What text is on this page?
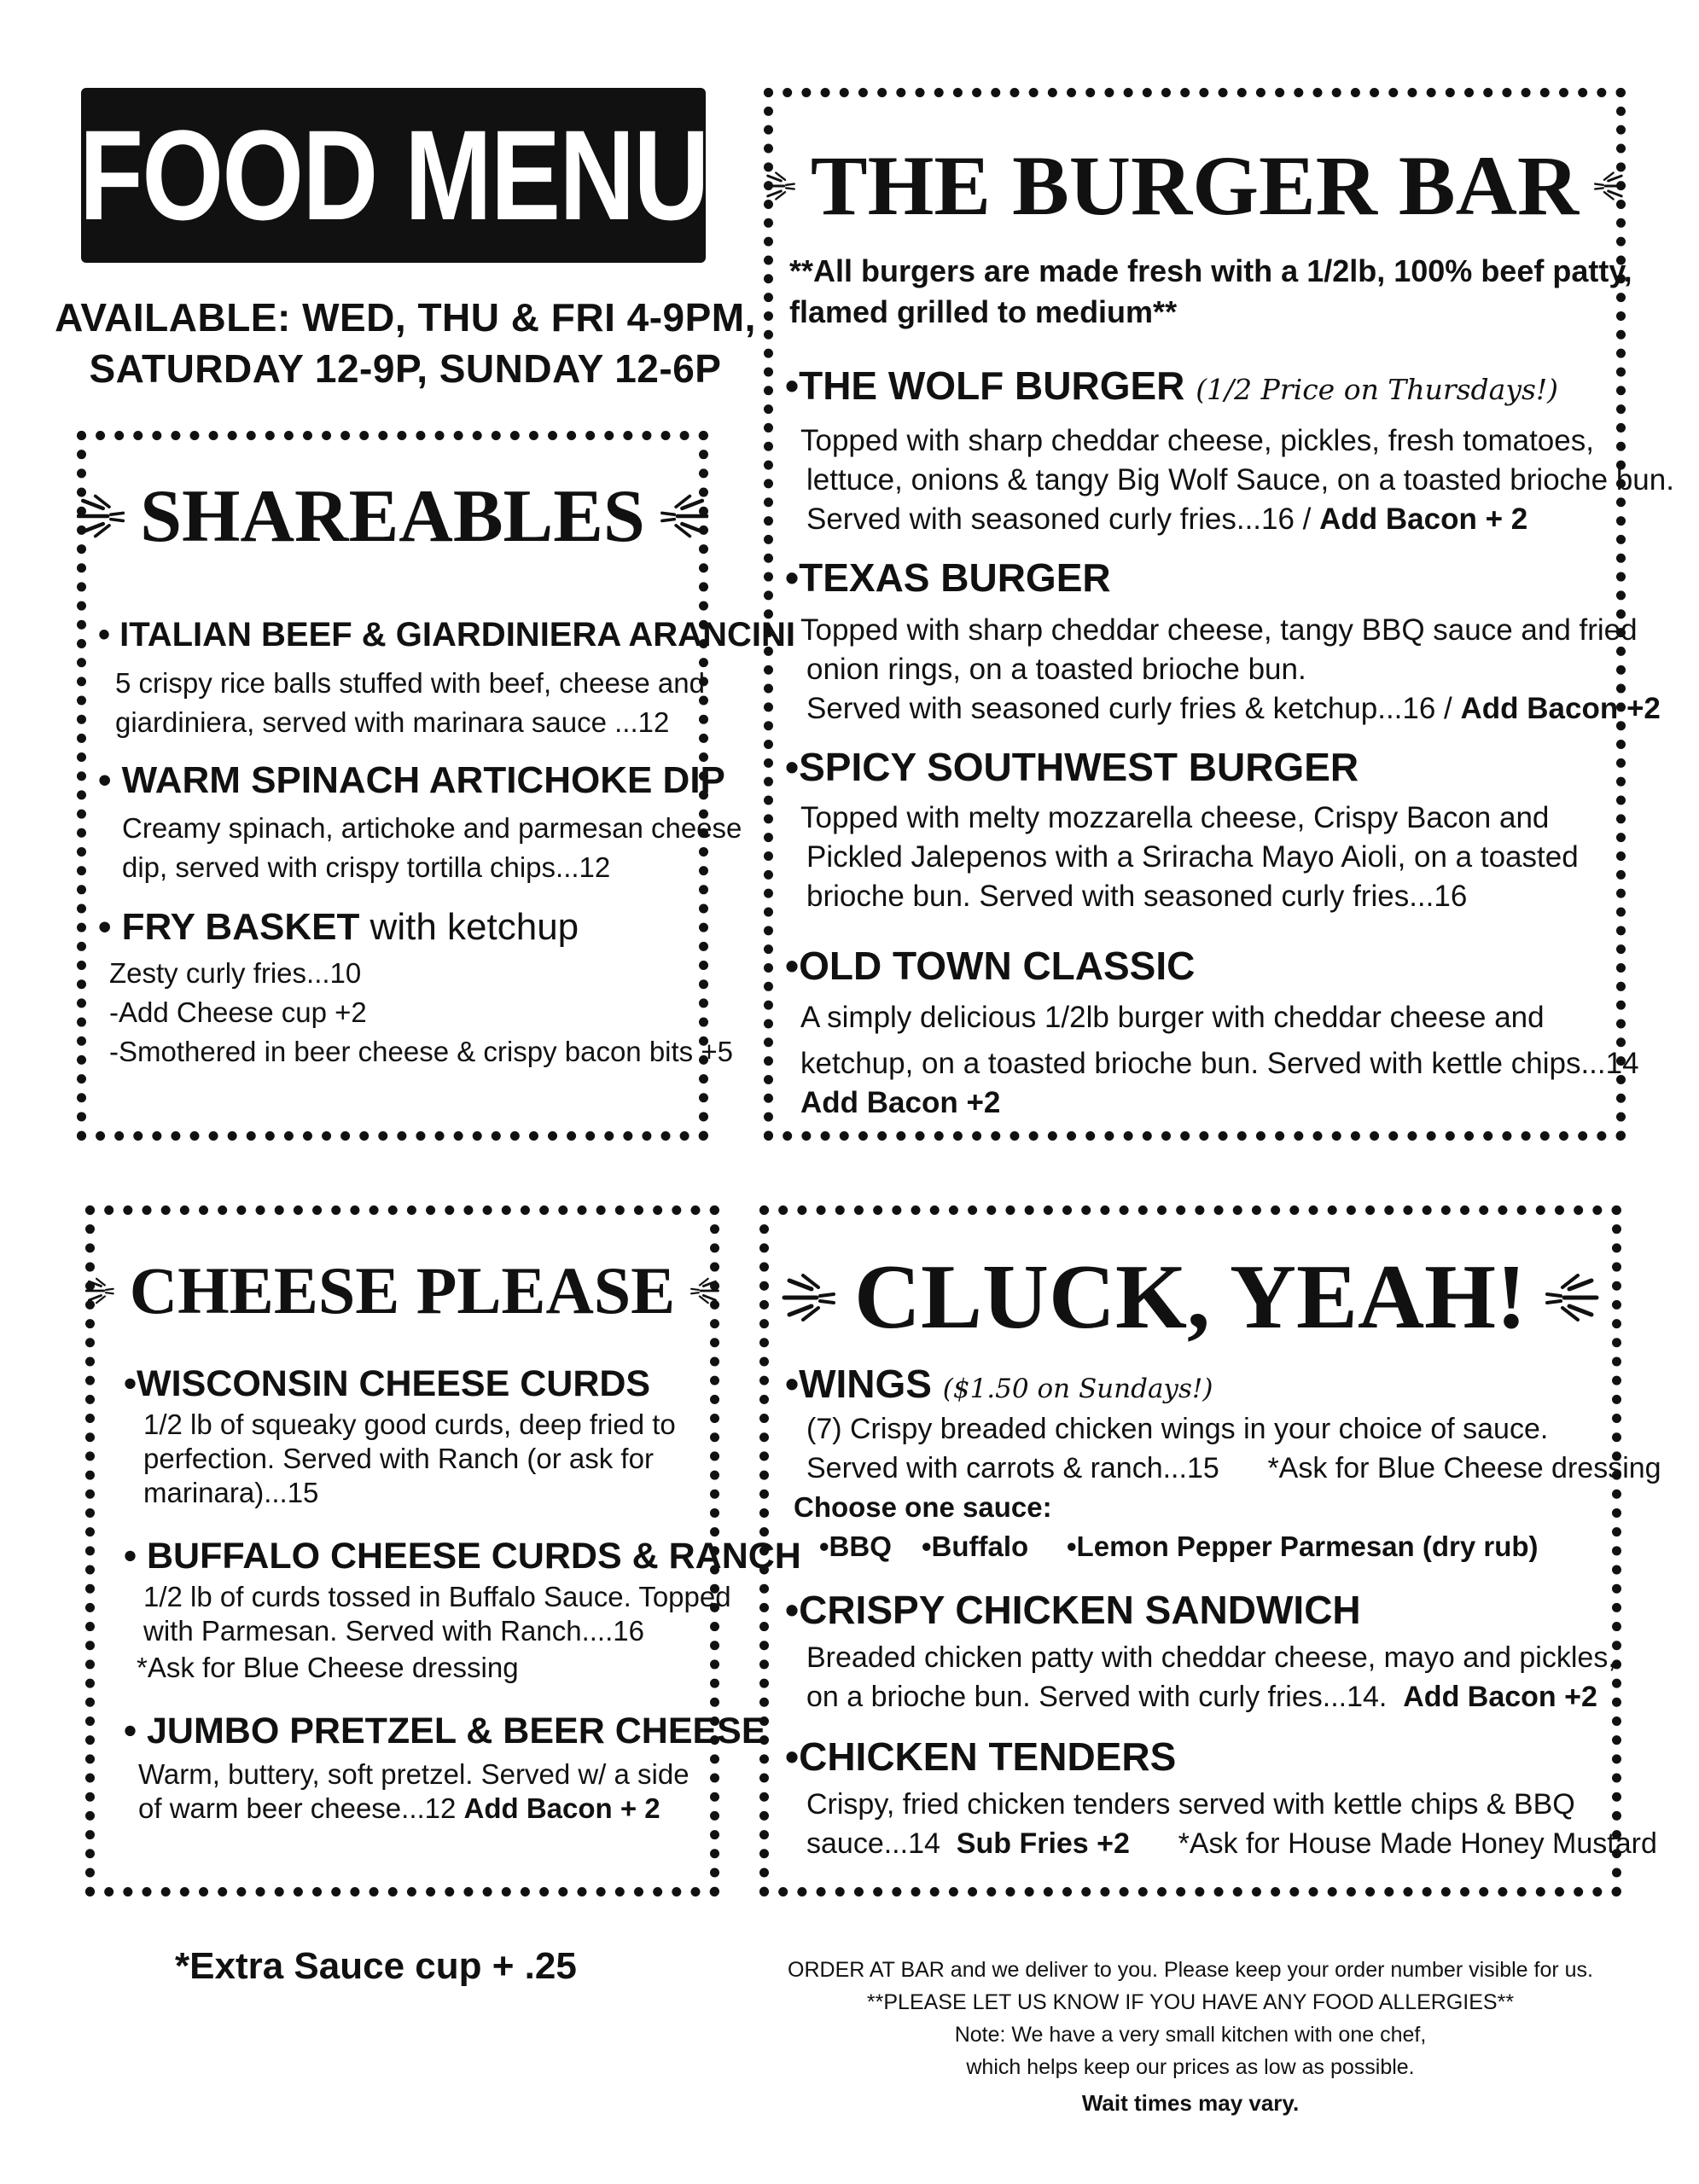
FOOD MENU
AVAILABLE: WED, THU & FRI 4-9PM,
SATURDAY 12-9P, SUNDAY 12-6P
SHAREABLES
• ITALIAN BEEF & GIARDINIERA ARANCINI
5 crispy rice balls stuffed with beef, cheese and
giardiniera, served with marinara sauce ...12
• WARM SPINACH ARTICHOKE DIP
Creamy spinach, artichoke and parmesan cheese
dip, served with crispy tortilla chips...12
• FRY BASKET with ketchup
Zesty curly fries...10
-Add Cheese cup +2
-Smothered in beer cheese & crispy bacon bits +5
THE BURGER BAR
**All burgers are made fresh with a 1/2lb, 100% beef patty,
flamed grilled to medium**
•THE WOLF BURGER (1/2 Price on Thursdays!)
Topped with sharp cheddar cheese, pickles, fresh tomatoes,
lettuce, onions & tangy Big Wolf Sauce, on a toasted brioche bun.
Served with seasoned curly fries...16 / Add Bacon + 2
•TEXAS BURGER
Topped with sharp cheddar cheese, tangy BBQ sauce and fried
onion rings, on a toasted brioche bun.
Served with seasoned curly fries & ketchup...16 / Add Bacon +2
•SPICY SOUTHWEST BURGER
Topped with melty mozzarella cheese, Crispy Bacon and
Pickled Jalepenos with a Sriracha Mayo Aioli, on a toasted
brioche bun. Served with seasoned curly fries...16
•OLD TOWN CLASSIC
A simply delicious 1/2lb burger with cheddar cheese and
ketchup, on a toasted brioche bun. Served with kettle chips...14
Add Bacon +2
CHEESE PLEASE
•WISCONSIN CHEESE CURDS
1/2 lb of squeaky good curds, deep fried to
perfection. Served with Ranch (or ask for
marinara)...15
• BUFFALO CHEESE CURDS & RANCH
1/2 lb of curds tossed in Buffalo Sauce. Topped
with Parmesan. Served with Ranch....16
*Ask for Blue Cheese dressing
• JUMBO PRETZEL & BEER CHEESE
Warm, buttery, soft pretzel. Served w/ a side
of warm beer cheese...12 Add Bacon + 2
CLUCK, YEAH!
•WINGS ($1.50 on Sundays!)
(7) Crispy breaded chicken wings in your choice of sauce.
Served with carrots & ranch...15      *Ask for Blue Cheese dressing
Choose one sauce:
•BBQ •Buffalo •Lemon Pepper Parmesan (dry rub)
•CRISPY CHICKEN SANDWICH
Breaded chicken patty with cheddar cheese, mayo and pickles,
on a brioche bun. Served with curly fries...14.  Add Bacon +2
•CHICKEN TENDERS
Crispy, fried chicken tenders served with kettle chips & BBQ
sauce...14  Sub Fries +2      *Ask for House Made Honey Mustard
*Extra Sauce cup + .25	ORDER AT BAR and we deliver to you. Please keep your order number visible for us.
**PLEASE LET US KNOW IF YOU HAVE ANY FOOD ALLERGIES**
Note: We have a very small kitchen with one chef,
which helps keep our prices as low as possible.
Wait times may vary.
